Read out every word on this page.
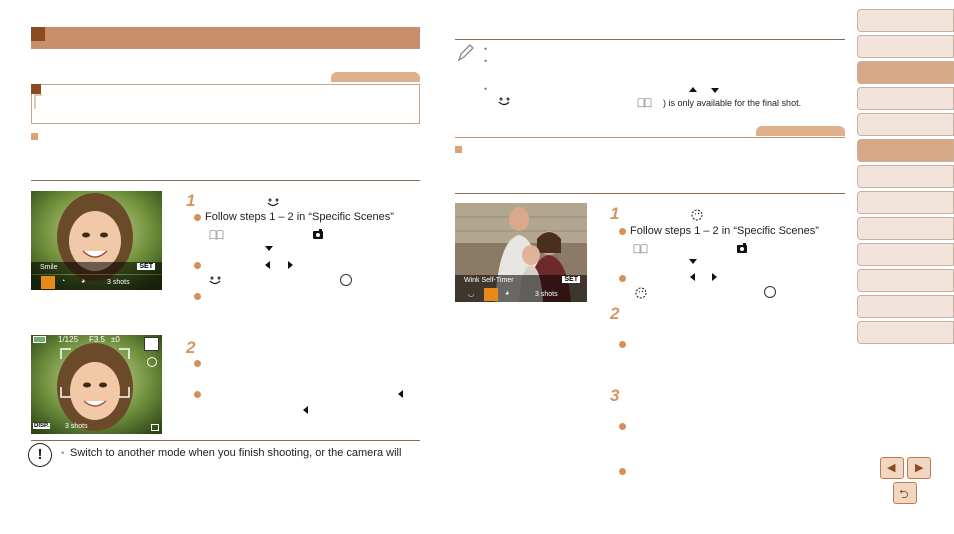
Smile	SET
◔ ◕	3 shots
1
Follow steps 1 – 2 in “Specific Scenes”
1/125 F3.5 ±0
DISP. 3 shots
2
!	• Switch to another mode when you finish shooting, or the camera will
•
•
•
) is only available for the final shot.
Wink Self-Timer	SET
◡	◕	3 shots
1
Follow steps 1 – 2 in “Specific Scenes”
2
3
◀ ▶
⮌
